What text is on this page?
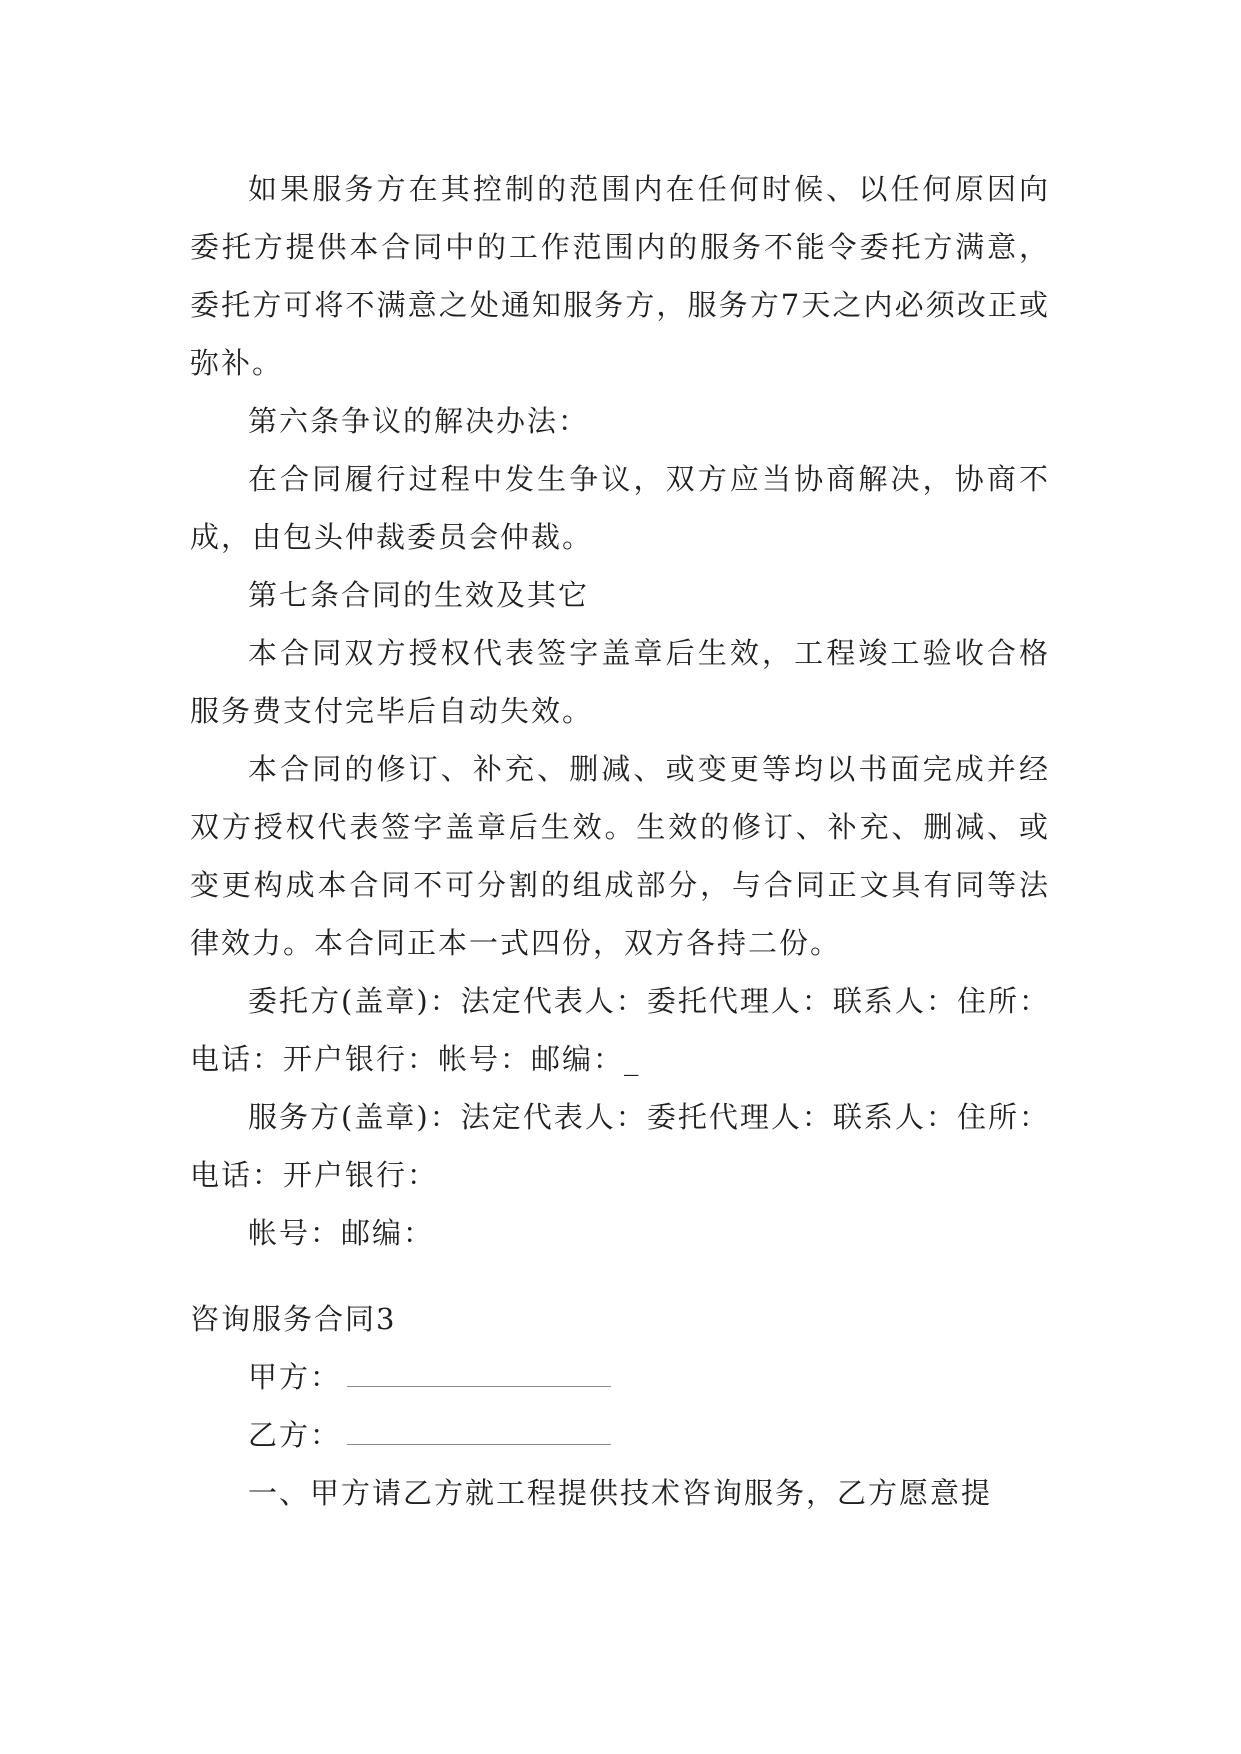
如果服务方在其控制的范围内在任何时候、以任何原因向委托方提供本合同中的工作范围内的服务不能令委托方满意，委托方可将不满意之处通知服务方，服务方7天之内必须改正或弥补。

第六条争议的解决办法：

在合同履行过程中发生争议，双方应当协商解决，协商不成，由包头仲裁委员会仲裁。

第七条合同的生效及其它

本合同双方授权代表签字盖章后生效，工程竣工验收合格服务费支付完毕后自动失效。

本合同的修订、补充、删减、或变更等均以书面完成并经双方授权代表签字盖章后生效。生效的修订、补充、删减、或变更构成本合同不可分割的组成部分，与合同正文具有同等法律效力。本合同正本一式四份，双方各持二份。

委托方(盖章)：法定代表人：委托代理人：联系人：住所：电话：开户银行：帐号：邮编：_

服务方(盖章)：法定代表人：委托代理人：联系人：住所：电话：开户银行：

帐号：邮编：

咨询服务合同3

甲方：

乙方：

一、甲方请乙方就工程提供技术咨询服务，乙方愿意提
